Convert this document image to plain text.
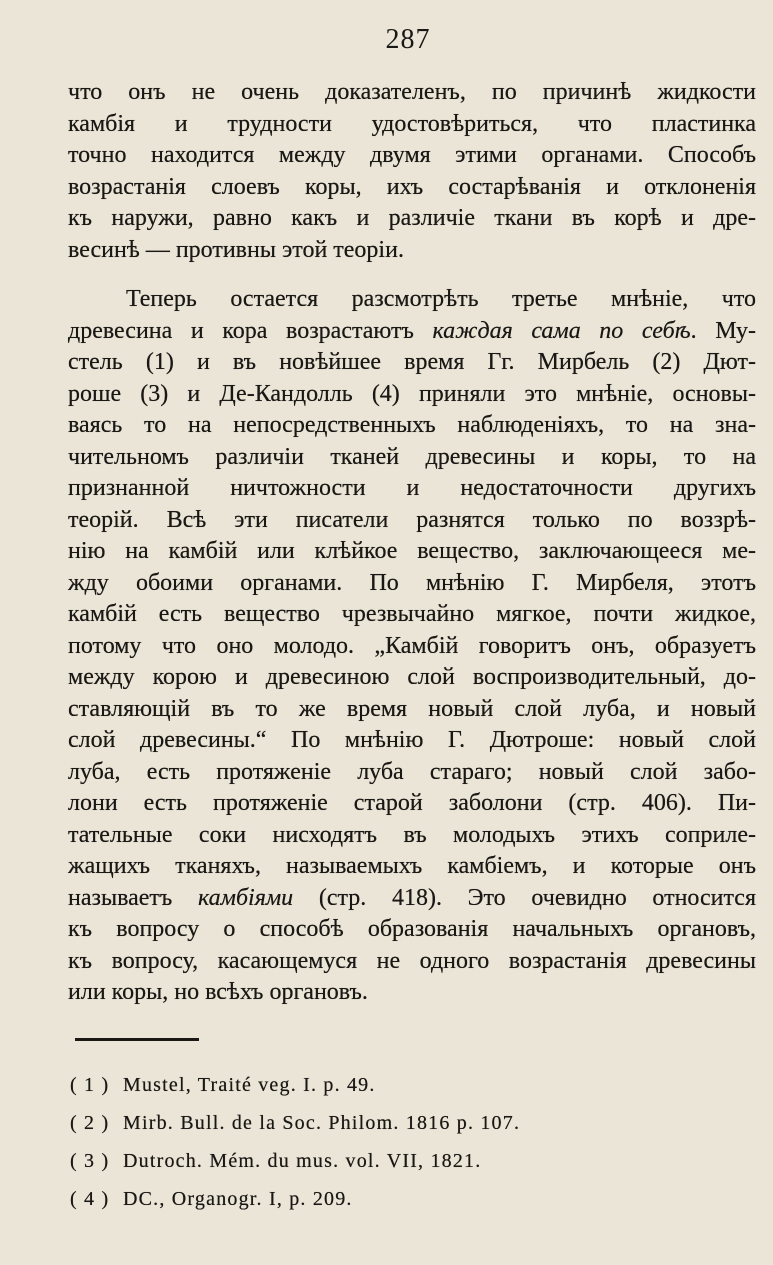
287
что онъ не очень доказателенъ, по причинѣ жидкости
камбія и трудности удостовѣриться, что пластинка
точно находится между двумя этими органами. Способъ
возрастанія слоевъ коры, ихъ состарѣванія и отклоненія
къ наружи, равно какъ и различіе ткани въ корѣ и дре-
весинѣ — противны этой теоріи.
Теперь остается разсмотрѣть третье мнѣніе, что
древесина и кора возрастаютъ каждая сама по себѣ. Му-
стель (1) и въ новѣйшее время Гг. Мирбель (2) Дют-
роше (3) и Де-Кандолль (4) приняли это мнѣніе, основы-
ваясь то на непосредственныхъ наблюденіяхъ, то на зна-
чительномъ различіи тканей древесины и коры, то на
признанной ничтожности и недостаточности другихъ
теорій. Всѣ эти писатели разнятся только по воззрѣ-
нію на камбій или клѣйкое вещество, заключающееся ме-
жду обоими органами. По мнѣнію Г. Мирбеля, этотъ
камбій есть вещество чрезвычайно мягкое, почти жидкое,
потому что оно молодо. „Камбій говоритъ онъ, образуетъ
между корою и древесиною слой воспроизводительный, до-
ставляющій въ то же время новый слой луба, и новый
слой древесины.“ По мнѣнію Г. Дютроше: новый слой
луба, есть протяженіе луба стараго; новый слой забо-
лони есть протяженіе старой заболони (стр. 406). Пи-
тательные соки нисходятъ въ молодыхъ этихъ соприле-
жащихъ тканяхъ, называемыхъ камбіемъ, и которые онъ
называетъ камбіями (стр. 418). Это очевидно относится
къ вопросу о способѣ образованія начальныхъ органовъ,
къ вопросу, касающемуся не одного возрастанія древесины
или коры, но всѣхъ органовъ.
( 1 ) Mustel, Traité veg. I. p. 49.
( 2 ) Mirb. Bull. de la Soc. Philom. 1816 p. 107.
( 3 ) Dutroch. Mém. du mus. vol. VII, 1821.
( 4 ) DC., Organogr. I, p. 209.
